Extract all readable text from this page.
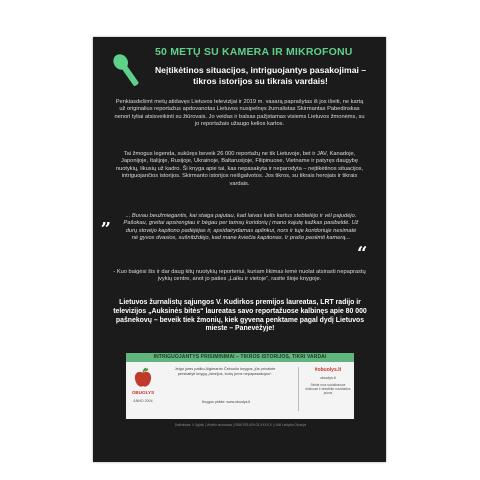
50 METŲ SU KAMERA IR MIKROFONU
Neįtikėtinos situacijos, intriguojantys pasakojimai – tikros istorijos su tikrais vardais!
Penkiasdešimt metų atidavęs Lietuvos televizijai ir 2019 m. vasarą paprašytas iš jos išeiti, ne kartą už originalius reportažus apdovanotas Lietuvos nusipelnęs žurnalistas Skirmantas Pabedinskas nenori tyliai atsisveikinti su žiūrovais. Jo veidas ir balsas pažįstamas visiems Lietuvos žmonėms, su jo reportažais užaugo kelios kartos.
Tai žmogus legenda, sukūręs beveik 26 000 reportažų ne tik Lietuvoje, bet ir JAV, Kanadoje, Japonijoje, Italijoje, Rusijoje, Ukrainoje, Baltarusijoje, Filipinuose, Vietname ir patyręs daugybę nuotykių, likusių už kadro. Ši knyga apie tai, kas nepasakyta ir neparodyta – neįtikėtinos situacijos, intriguojančios istorijos. Skirmanto istorijos neišgalvotos. Jos tikros, su tikrais herojais ir tikrais vardais.
„	... Buvau beužmiegantis, kai staiga pajutau, kad laivas kelis kartus stebtelėjo ir vėl pajudėjo. Pašokau, greitai apsirengiau ir bėgau per tamsų koridorių į mano kajutę kažkas pasibeldė. Už durų stovėjo kapitono padėjėjas ir, apsidairydamas aplinkui, nors ir tuje koridoriuje nesimatė nė gyvos dvasios, sušnibždėjo, kad mane kviečia kapitonas. Ir prašo pasiimti kamerą...
“
- Kuo baigėsi šis ir dar daug kitų nuotykių reporteriui, kuriam likimas lemė nuolat atsirasti nepaprastų įvykių centre, anot jo paties „Laiku ir vietoje“, rasite šioje knygoje.
Lietuvos žurnalistų sąjungos V. Kudirkos premijos laureatas, LRT radijo ir televizijos „Auksinės bitės“ laureatas savo reportažuose kalbinęs apie 80 000 pašnekovų – beveik tiek žmonių, kiek gyvena penktame pagal dydį Lietuvos mieste – Panevėžyje!
INTRIGUOJANTYS PRISIMINIMAI – TIKROS ISTORIJOS, TIKRI VARDAI
OBUOLYS
ANNO 2004
Jeigu jums patiko Algimanto Čekuolio knygos, jūs privalote perskaityti knygą „Istorijos, kurių jums nepapasakojau“.
Knygos pirkite: www.obuolys.lt
#obuolys.lt
obuolys.lt
Sekite mus socialiniuose tinkluose ir laimėkite nuostabius prizus
Dailininkas: V. Ilgūtis | Viršelio nuotrauka | ISBN 978-609-03-XXXX-X | UAB Leidykla Obuolys
